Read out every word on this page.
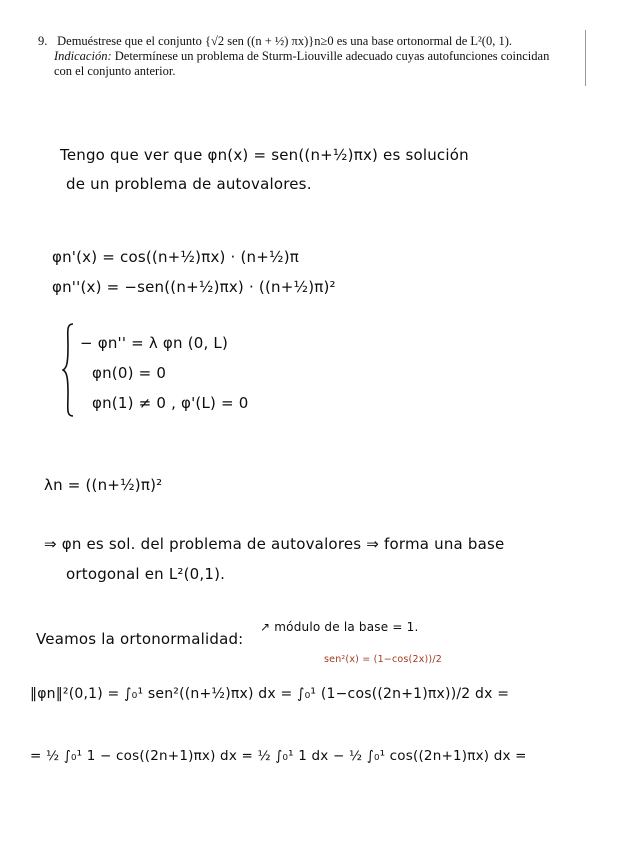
9. Demuéstrese que el conjunto {√2 sen ((n + ½) πx)}n≥0 es una base ortonormal de L²(0, 1).
Indicación: Determínese un problema de Sturm-Liouville adecuado cuyas autofunciones coincidan
con el conjunto anterior.
Tengo que ver que φn(x) = sen((n+½)πx) es solución
de un problema de autovalores.
φn'(x) = cos((n+½)πx) · (n+½)π
φn''(x) = −sen((n+½)πx) · ((n+½)π)²
− φn'' = λ φn (0, L)
φn(0) = 0
φn(1) ≠ 0 , φ'(L) = 0
λn = ((n+½)π)²
⇒ φn es sol. del problema de autovalores ⇒ forma una base
ortogonal en L²(0,1).
Veamos la ortonormalidad:
↗ módulo de la base = 1.
sen²(x) = (1−cos(2x))/2
‖φn‖²(0,1) = ∫₀¹ sen²((n+½)πx) dx = ∫₀¹ (1−cos((2n+1)πx))/2 dx =
= ½ ∫₀¹ 1 − cos((2n+1)πx) dx = ½ ∫₀¹ 1 dx − ½ ∫₀¹ cos((2n+1)πx) dx =
